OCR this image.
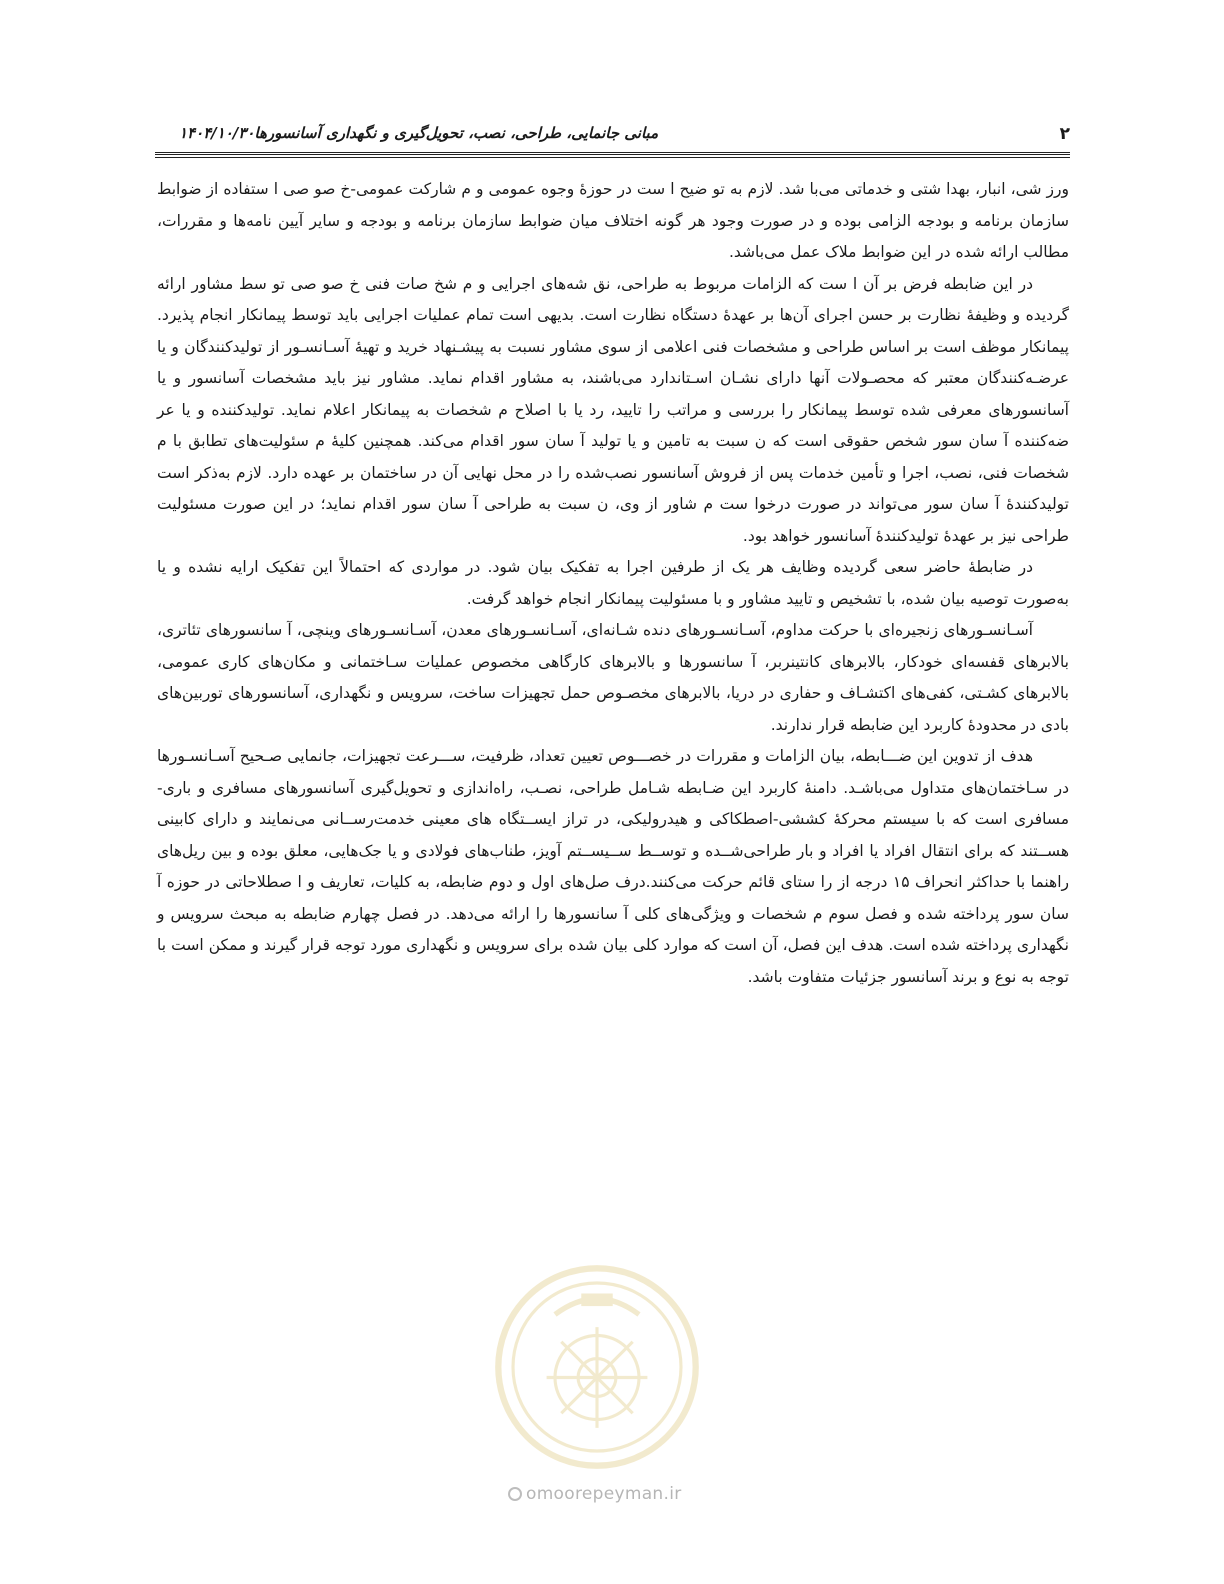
۲
مبانی جانمایی، طراحی، نصب، تحویل‌گیری و نگهداری آسانسورها۱۴۰۴/۱۰/۳۰

ورز شی، انبار، بهدا شتی و خدماتی می‌با شد. لازم به تو ضیح ا ست در حوزهٔ وجوه عمومی و م شارکت عمومی-خ صو صی ا ستفاده از ضوابط سازمان برنامه و بودجه الزامی بوده و در صورت وجود هر گونه اختلاف میان ضوابط سازمان برنامه و بودجه و سایر آیین نامه‌ها و مقررات، مطالب ارائه شده در این ضوابط ملاک عمل می‌باشد.

در این ضابطه فرض بر آن ا ست که الزامات مربوط به طراحی، نق شه‌های اجرایی و م شخ صات فنی خ صو صی تو سط مشاور ارائه گردیده و وظیفهٔ نظارت بر حسن اجرای آن‌ها بر عهدهٔ دستگاه نظارت است. بدیهی است تمام عملیات اجرایی باید توسط پیمانکار انجام پذیرد. پیمانکار موظف است بر اساس طراحی و مشخصات فنی اعلامی از سوی مشاور نسبت به پیشـنهاد خرید و تهیهٔ آسـانسـور از تولیدکنندگان و یا عرضـه‌کنندگان معتبر که محصـولات آنها دارای نشـان اسـتاندارد می‌باشند، به مشاور اقدام نماید. مشاور نیز باید مشخصات آسانسور و یا آسانسورهای معرفی شده توسط پیمانکار را بررسی و مراتب را تایید، رد یا با اصلاح م شخصات به پیمانکار اعلام نماید. تولیدکننده و یا عر ضه‌کننده آ سان سور شخص حقوقی است که ن سبت به تامین و یا تولید آ سان سور اقدام می‌کند. همچنین کلیهٔ م سئولیت‌های تطابق با م شخصات فنی، نصب، اجرا و تأمین خدمات پس از فروش آسانسور نصب‌شده را در محل نهایی آن در ساختمان بر عهده دارد. لازم به‌ذکر است تولیدکنندهٔ آ سان سور می‌تواند در صورت درخوا ست م شاور از وی، ن سبت به طراحی آ سان سور اقدام نماید؛ در این صورت مسئولیت طراحی نیز بر عهدهٔ تولیدکنندهٔ آسانسور خواهد بود.

در ضابطهٔ حاضر سعی گردیده وظایف هر یک از طرفین اجرا به تفکیک بیان شود. در مواردی که احتمالاً این تفکیک ارایه نشده و یا به‌صورت توصیه بیان شده، با تشخیص و تایید مشاور و با مسئولیت پیمانکار انجام خواهد گرفت.

آسـانسـورهای زنجیره‌ای با حرکت مداوم، آسـانسـورهای دنده شـانه‌ای، آسـانسـورهای معدن، آسـانسـورهای وینچی، آ سانسورهای تئاتری، بالابرهای قفسه‌ای خودکار، بالابرهای کانتینربر، آ سانسورها و بالابرهای کارگاهی مخصوص عملیات سـاختمانی و مکان‌های کاری عمومی، بالابرهای کشـتی، کفی‌های اکتشـاف و حفاری در دریا، بالابرهای مخصـوص حمل تجهیزات ساخت، سرویس و نگهداری، آسانسورهای توربین‌های بادی در محدودهٔ کاربرد این ضابطه قرار ندارند.

هدف از تدوین این ضـــابطه، بیان الزامات و مقررات در خصـــوص تعیین تعداد، ظرفیت، ســـرعت تجهیزات، جانمایی صـحیح آسـانسـورها در سـاختمان‌های متداول می‌باشـد. دامنهٔ کاربرد این ضـابطه شـامل طراحی، نصـب، راه‌اندازی و تحویل‌گیری آسانسورهای مسافری و باری-مسافری است که با سیستم محرکهٔ کششی-اصطکاکی و هیدرولیکی، در تراز ایســتگاه های معینی خدمت‌رســانی می‌نمایند و دارای کابینی هســتند که برای انتقال افراد یا افراد و بار طراحی‌شــده و توســط ســیســتم آویز، طناب‌های فولادی و یا جک‌هایی، معلق بوده و بین ریل‌های راهنما با حداکثر انحراف ۱۵ درجه از را ستای قائم حرکت می‌کنند.درف صل‌های اول و دوم ضابطه، به کلیات، تعاریف و ا صطلاحاتی در حوزه آ سان سور پرداخته شده و فصل سوم م شخصات و ویژگی‌های کلی آ سانسورها را ارائه می‌دهد. در فصل چهارم ضابطه به مبحث سرویس و نگهداری پرداخته شده است. هدف این فصل، آن است که موارد کلی بیان شده برای سرویس و نگهداری مورد توجه قرار گیرند و ممکن است با توجه به نوع و برند آسانسور جزئیات متفاوت باشد.

omoorepeyman.ir
